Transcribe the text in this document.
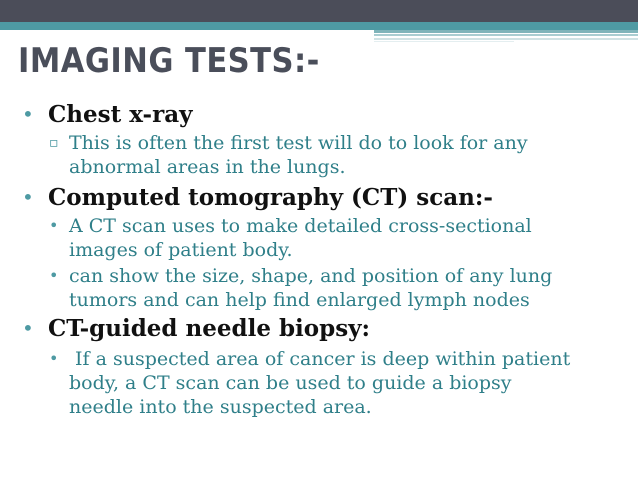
IMAGING TESTS:-
• Chest x-ray
▫ This is often the first test will do to look for any
abnormal areas in the lungs.
• Computed tomography (CT) scan:-
• A CT scan uses to make detailed cross-sectional
images of patient body.
• can show the size, shape, and position of any lung
tumors and can help find enlarged lymph nodes
• CT-guided needle biopsy:
• If a suspected area of cancer is deep within patient
body, a CT scan can be used to guide a biopsy
needle into the suspected area.
